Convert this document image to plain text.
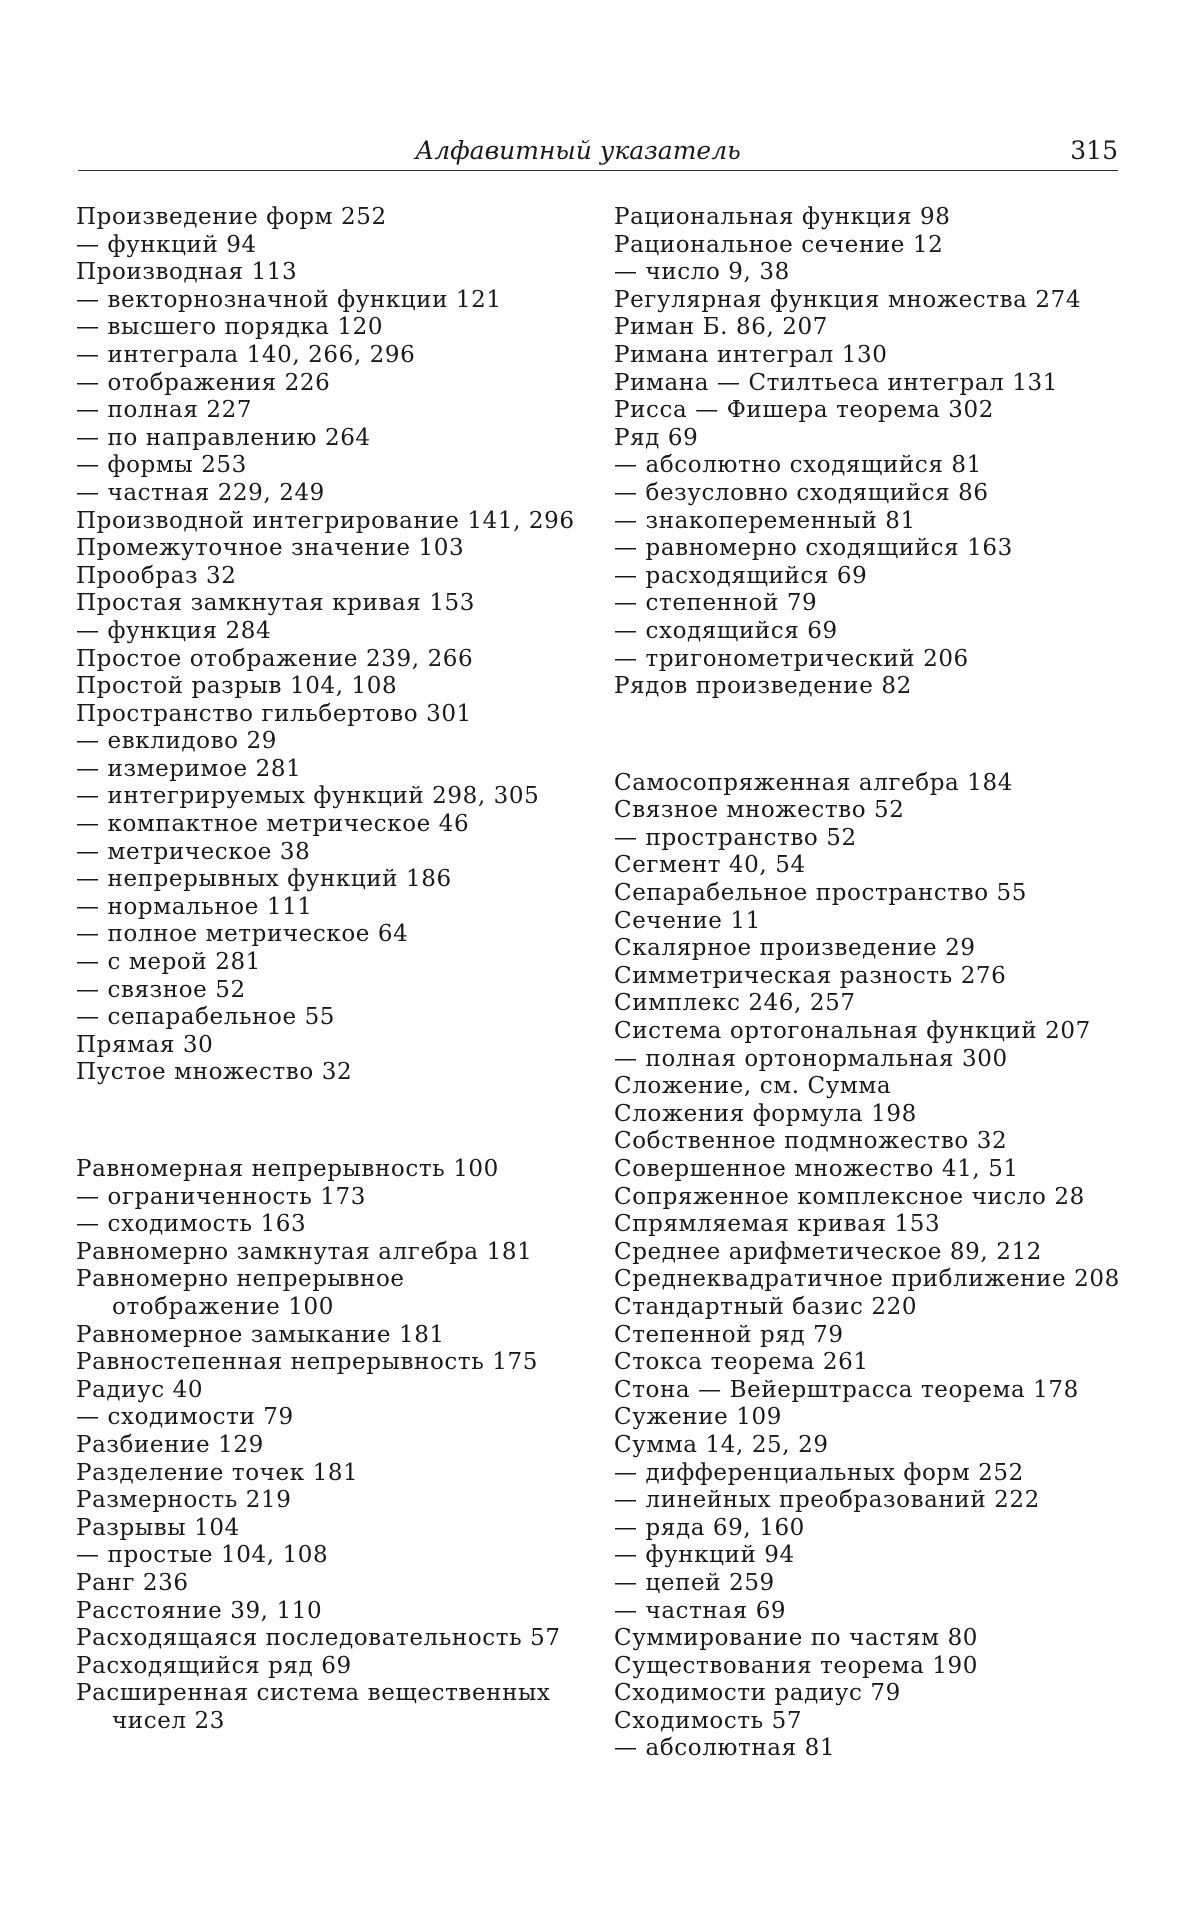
Алфавитный указатель	315

Произведение форм 252

— функций 94

Производная 113

— векторнозначной функции 121

— высшего порядка 120

— интеграла 140, 266, 296

— отображения 226

— полная 227

— по направлению 264

— формы 253

— частная 229, 249

Производной интегрирование 141, 296

Промежуточное значение 103

Прообраз 32

Простая замкнутая кривая 153

— функция 284

Простое отображение 239, 266

Простой разрыв 104, 108

Пространство гильбертово 301

— евклидово 29

— измеримое 281

— интегрируемых функций 298, 305

— компактное метрическое 46

— метрическое 38

— непрерывных функций 186

— нормальное 111

— полное метрическое 64

— с мерой 281

— связное 52

— сепарабельное 55

Прямая 30

Пустое множество 32

Равномерная непрерывность 100

— ограниченность 173

— сходимость 163

Равномерно замкнутая алгебра 181

Равномерно непрерывное отображение 100

Равномерное замыкание 181

Равностепенная непрерывность 175

Радиус 40

— сходимости 79

Разбиение 129

Разделение точек 181

Размерность 219

Разрывы 104

— простые 104, 108

Ранг 236

Расстояние 39, 110

Расходящаяся последовательность 57

Расходящийся ряд 69

Расширенная система вещественных чисел 23

Рациональная функция 98

Рациональное сечение 12

— число 9, 38

Регулярная функция множества 274

Риман Б. 86, 207

Римана интеграл 130

Римана — Стилтьеса интеграл 131

Рисса — Фишера теорема 302

Ряд 69

— абсолютно сходящийся 81

— безусловно сходящийся 86

— знакопеременный 81

— равномерно сходящийся 163

— расходящийся 69

— степенной 79

— сходящийся 69

— тригонометрический 206

Рядов произведение 82

Самосопряженная алгебра 184

Связное множество 52

— пространство 52

Сегмент 40, 54

Сепарабельное пространство 55

Сечение 11

Скалярное произведение 29

Симметрическая разность 276

Симплекс 246, 257

Система ортогональная функций 207

— полная ортонормальная 300

Сложение, см. Сумма

Сложения формула 198

Собственное подмножество 32

Совершенное множество 41, 51

Сопряженное комплексное число 28

Спрямляемая кривая 153

Среднее арифметическое 89, 212

Среднеквадратичное приближение 208

Стандартный базис 220

Степенной ряд 79

Стокса теорема 261

Стона — Вейерштрасса теорема 178

Сужение 109

Сумма 14, 25, 29

— дифференциальных форм 252

— линейных преобразований 222

— ряда 69, 160

— функций 94

— цепей 259

— частная 69

Суммирование по частям 80

Существования теорема 190

Сходимости радиус 79

Сходимость 57

— абсолютная 81
